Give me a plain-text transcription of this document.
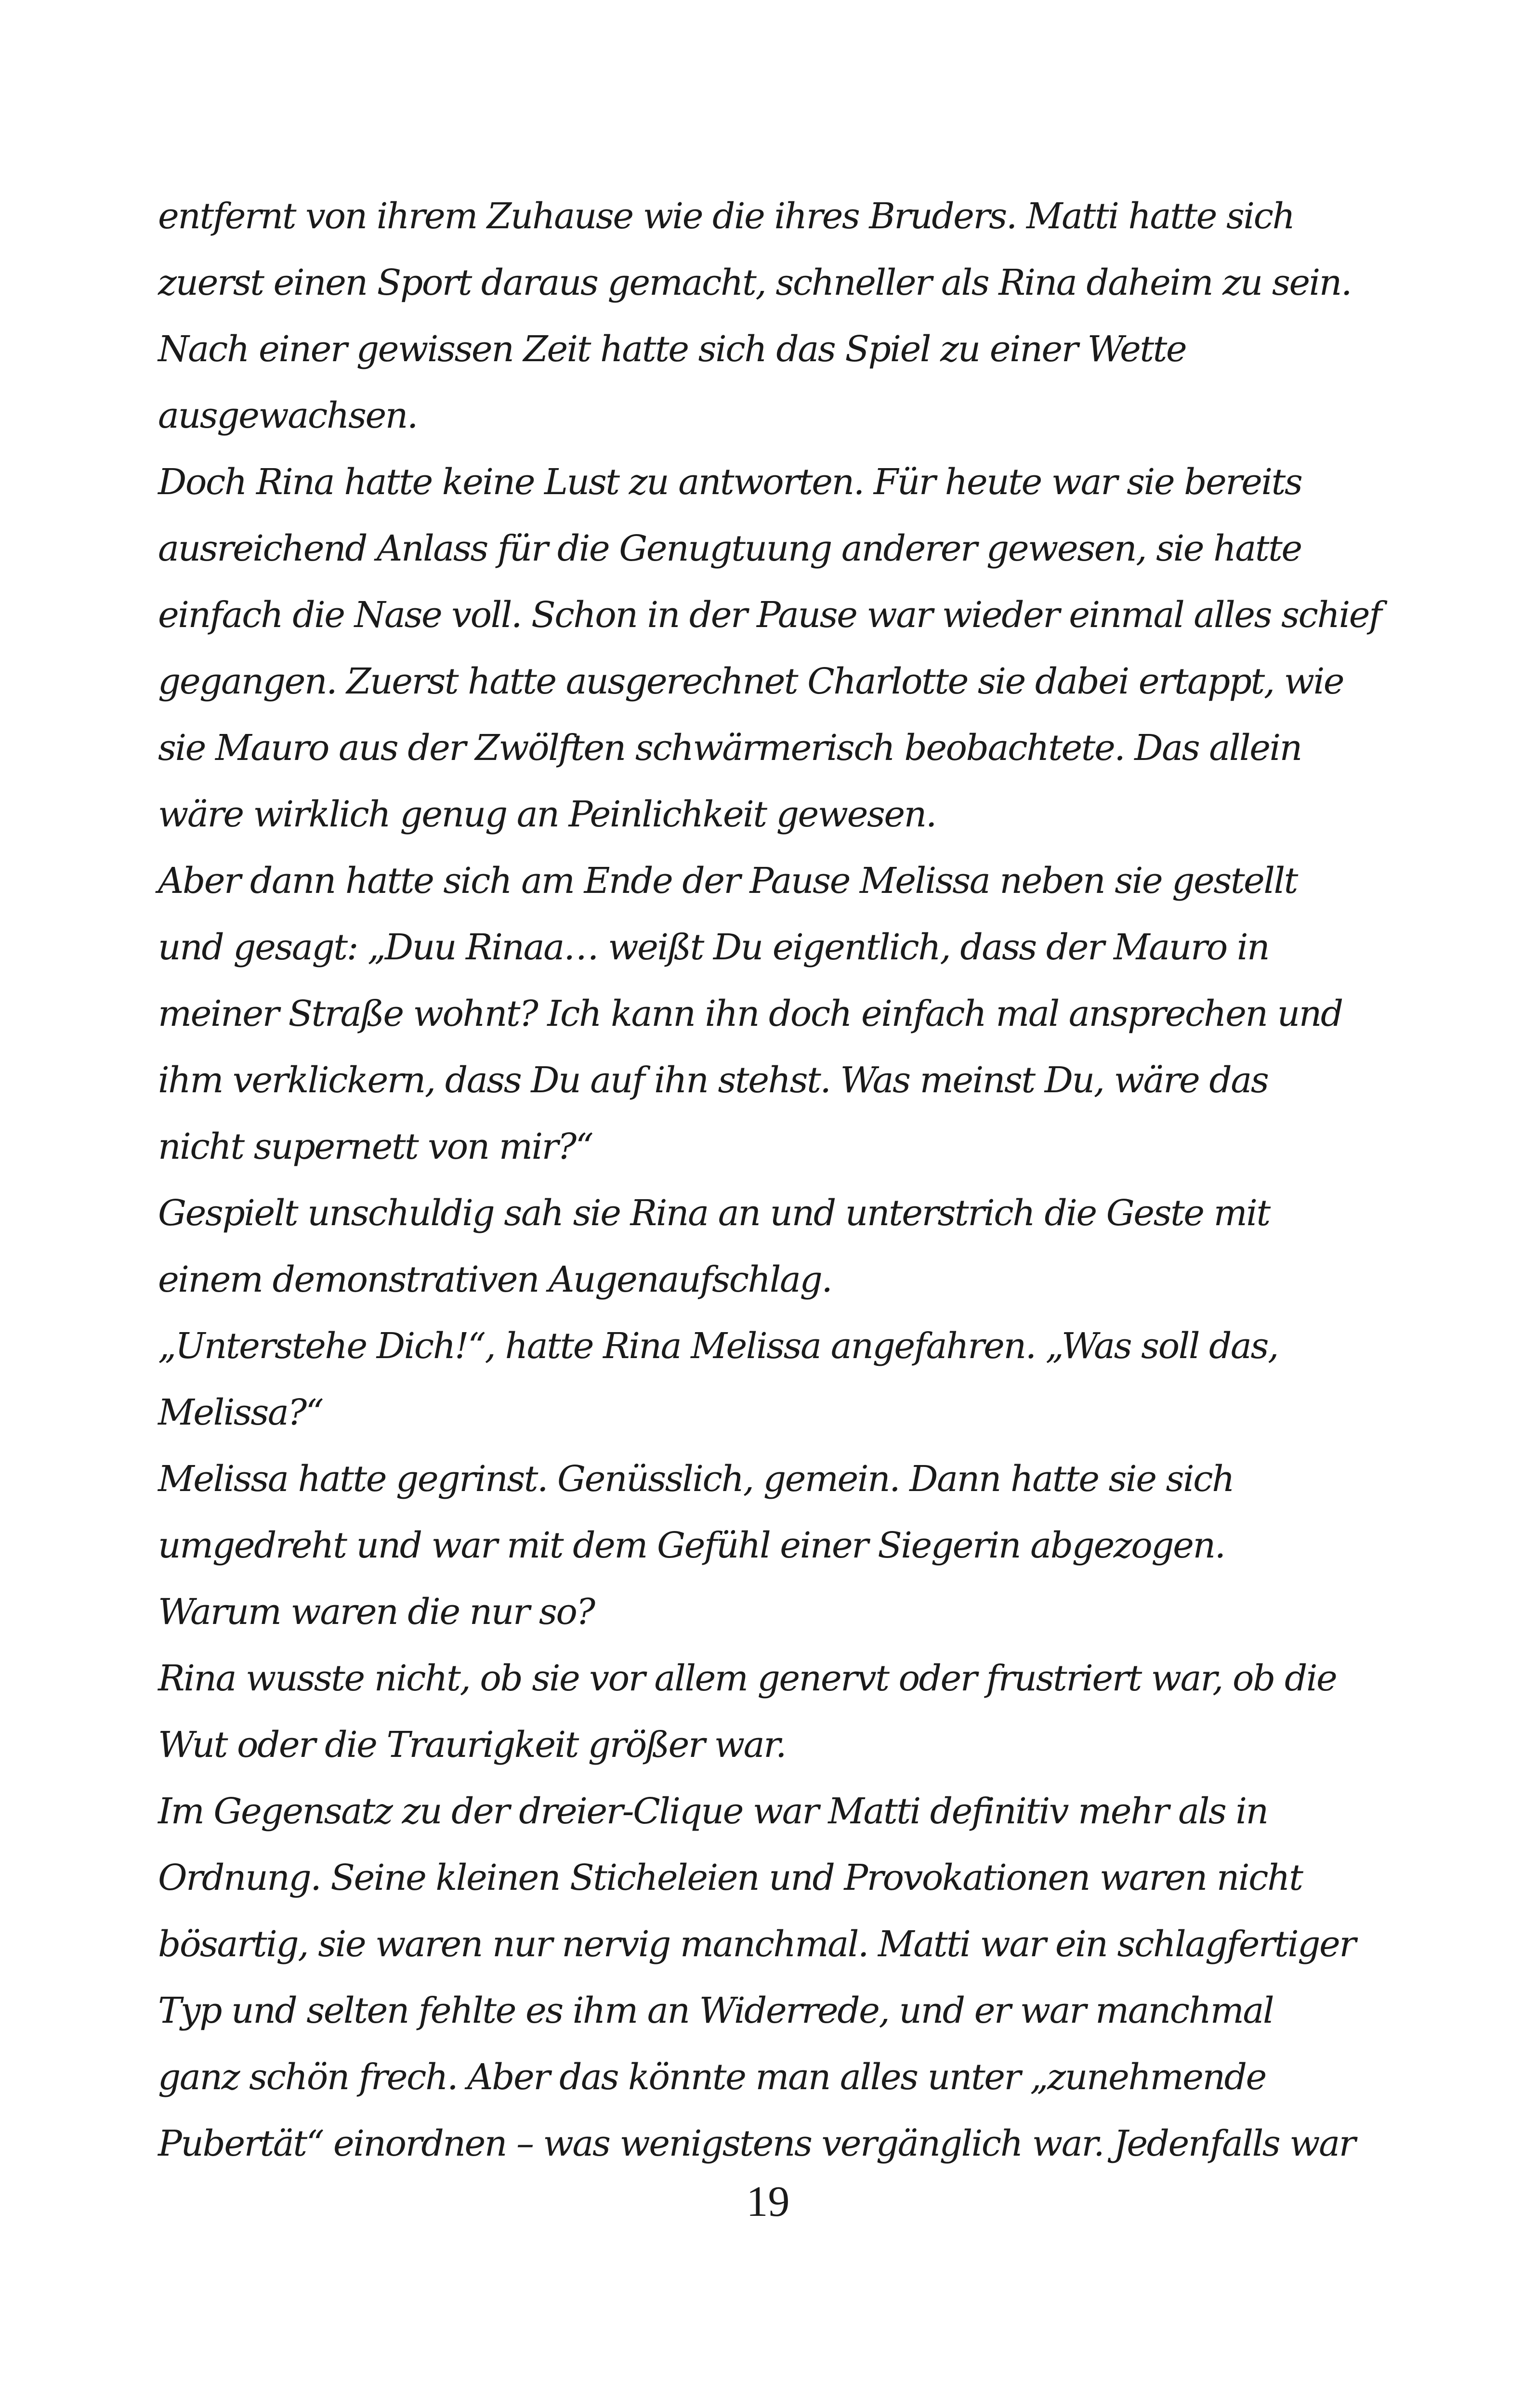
entfernt von ihrem Zuhause wie die ihres Bruders. Matti hatte sich
zuerst einen Sport daraus gemacht, schneller als Rina daheim zu sein.
Nach einer gewissen Zeit hatte sich das Spiel zu einer Wette
ausgewachsen.
Doch Rina hatte keine Lust zu antworten. Für heute war sie bereits
ausreichend Anlass für die Genugtuung anderer gewesen, sie hatte
einfach die Nase voll. Schon in der Pause war wieder einmal alles schief
gegangen. Zuerst hatte ausgerechnet Charlotte sie dabei ertappt, wie
sie Mauro aus der Zwölften schwärmerisch beobachtete. Das allein
wäre wirklich genug an Peinlichkeit gewesen.
Aber dann hatte sich am Ende der Pause Melissa neben sie gestellt
und gesagt: „Duu Rinaa… weißt Du eigentlich, dass der Mauro in
meiner Straße wohnt? Ich kann ihn doch einfach mal ansprechen und
ihm verklickern, dass Du auf ihn stehst. Was meinst Du, wäre das
nicht supernett von mir?“
Gespielt unschuldig sah sie Rina an und unterstrich die Geste mit
einem demonstrativen Augenaufschlag.
„Unterstehe Dich!“, hatte Rina Melissa angefahren. „Was soll das,
Melissa?“
Melissa hatte gegrinst. Genüsslich, gemein. Dann hatte sie sich
umgedreht und war mit dem Gefühl einer Siegerin abgezogen.
Warum waren die nur so?
Rina wusste nicht, ob sie vor allem genervt oder frustriert war, ob die
Wut oder die Traurigkeit größer war.
Im Gegensatz zu der dreier-Clique war Matti definitiv mehr als in
Ordnung. Seine kleinen Sticheleien und Provokationen waren nicht
bösartig, sie waren nur nervig manchmal. Matti war ein schlagfertiger
Typ und selten fehlte es ihm an Widerrede, und er war manchmal
ganz schön frech. Aber das könnte man alles unter „zunehmende
Pubertät“ einordnen – was wenigstens vergänglich war. Jedenfalls war
19
